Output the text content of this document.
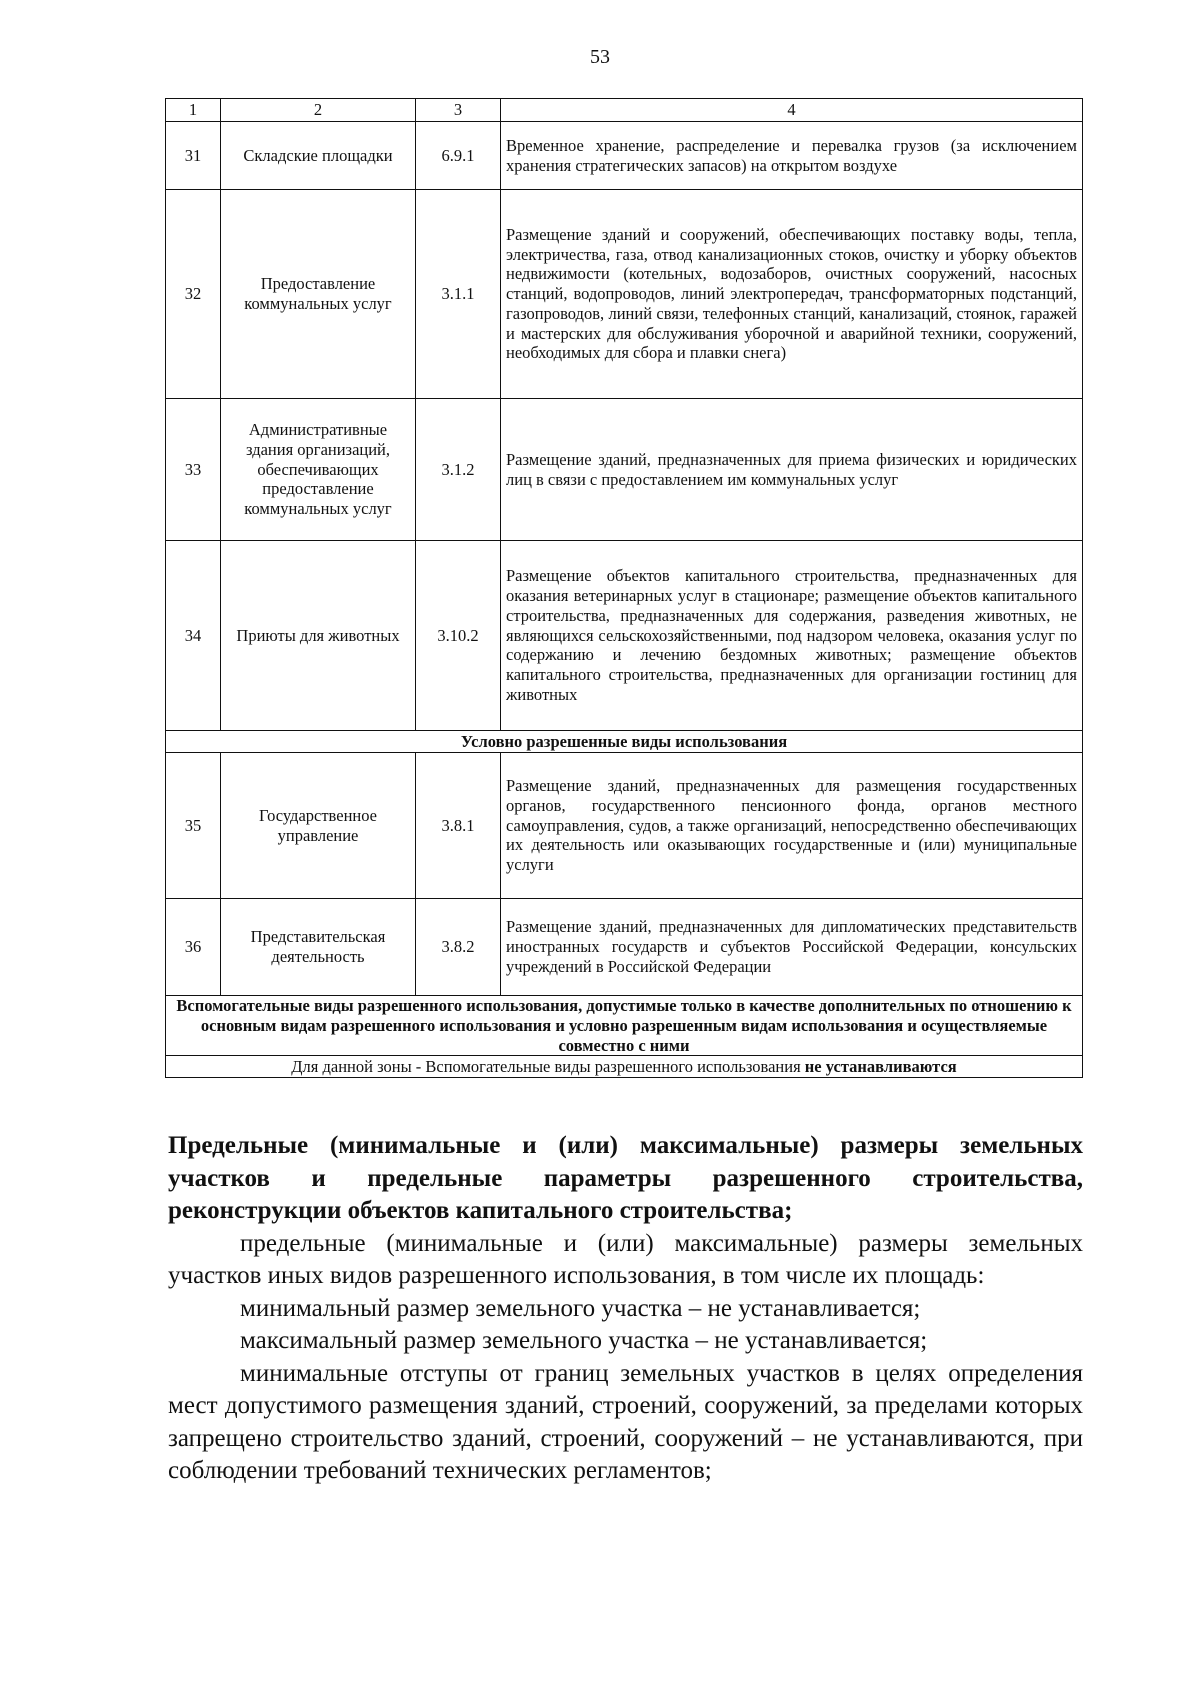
53
1	2	3	4
31	Складские площадки	6.9.1	Временное хранение, распределение и перевалка грузов (за исключением хранения стратегических запасов) на открытом воздухе
32	Предоставление коммунальных услуг	3.1.1	Размещение зданий и сооружений, обеспечивающих поставку воды, тепла, электричества, газа, отвод канализационных стоков, очистку и уборку объектов недвижимости (котельных, водозаборов, очистных сооружений, насосных станций, водопроводов, линий электропередач, трансформаторных подстанций, газопроводов, линий связи, телефонных станций, канализаций, стоянок, гаражей и мастерских для обслуживания уборочной и аварийной техники, сооружений, необходимых для сбора и плавки снега)
33	Административные здания организаций, обеспечивающих предоставление коммунальных услуг	3.1.2	Размещение зданий, предназначенных для приема физических и юридических лиц в связи с предоставлением им коммунальных услуг
34	Приюты для животных	3.10.2	Размещение объектов капитального строительства, предназначенных для оказания ветеринарных услуг в стационаре; размещение объектов капитального строительства, предназначенных для содержания, разведения животных, не являющихся сельскохозяйственными, под надзором человека, оказания услуг по содержанию и лечению бездомных животных; размещение объектов капитального строительства, предназначенных для организации гостиниц для животных
Условно разрешенные виды использования			
35	Государственное управление	3.8.1	Размещение зданий, предназначенных для размещения государственных органов, государственного пенсионного фонда, органов местного самоуправления, судов, а также организаций, непосредственно обеспечивающих их деятельность или оказывающих государственные и (или) муниципальные услуги
36	Представительская деятельность	3.8.2	Размещение зданий, предназначенных для дипломатических представительств иностранных государств и субъектов Российской Федерации, консульских учреждений в Российской Федерации
Вспомогательные виды разрешенного использования, допустимые только в качестве дополнительных по отношению к основным видам разрешенного использования и условно разрешенным видам использования и осуществляемые совместно с ними			
Для данной зоны - Вспомогательные виды разрешенного использования не устанавливаются			

Предельные (минимальные и (или) максимальные) размеры земельных участков и предельные параметры разрешенного строительства, реконструкции объектов капитального строительства;

предельные (минимальные и (или) максимальные) размеры земельных участков иных видов разрешенного использования, в том числе их площадь:

минимальный размер земельного участка – не устанавливается;

максимальный размер земельного участка – не устанавливается;

минимальные отступы от границ земельных участков в целях определения мест допустимого размещения зданий, строений, сооружений, за пределами которых запрещено строительство зданий, строений, сооружений – не устанавливаются, при соблюдении требований технических регламентов;
